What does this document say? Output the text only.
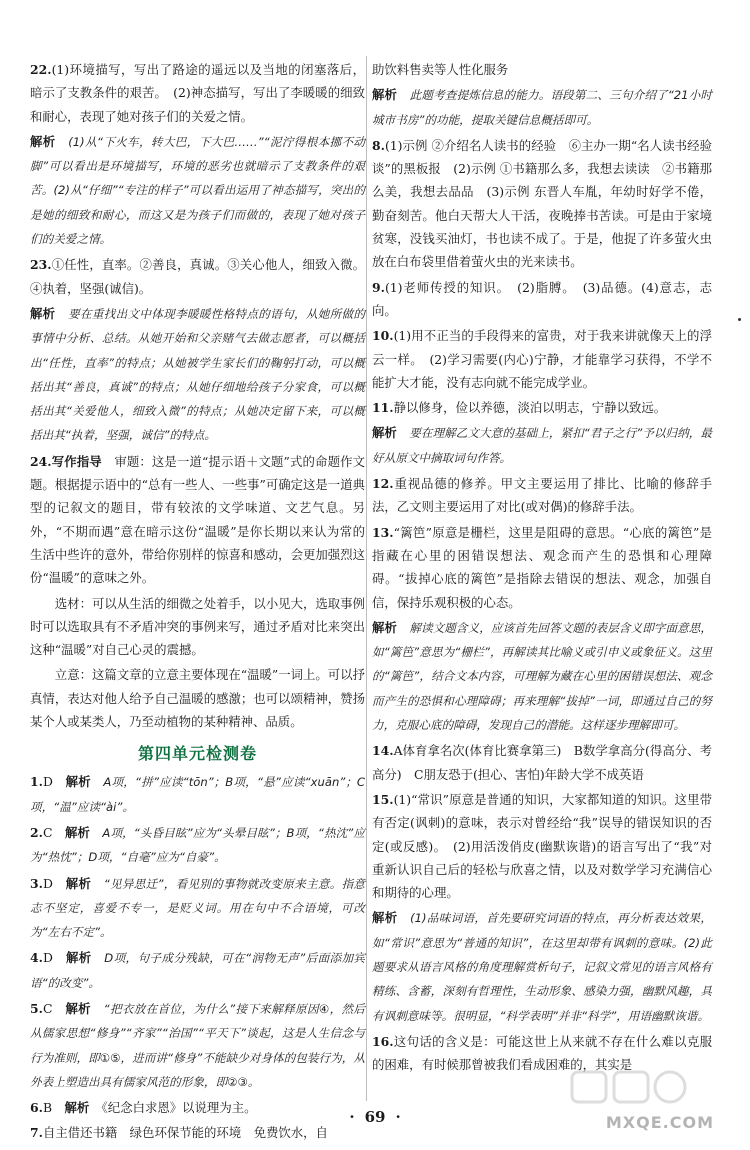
22.(1)环境描写，写出了路途的遥远以及当地的闭塞落后，暗示了支教条件的艰苦。　(2)神态描写，写出了李暖暖的细致和耐心，表现了她对孩子们的关爱之情。

解析　 (1)从“下火车，转大巴，下大巴……”“泥泞得根本挪不动脚”可以看出是环境描写，环境的恶劣也就暗示了支教条件的艰苦。(2)从“仔细”“专注的样子”可以看出运用了神态描写，突出的是她的细致和耐心，而这又是为孩子们而做的，表现了她对孩子们的关爱之情。

23.①任性，直率。②善良，真诚。③关心他人，细致入微。④执着，坚强(诚信)。

解析　 要在重找出文中体现李暖暖性格特点的语句，从她所做的事情中分析、总结。从她开始和父亲赌气去做志愿者，可以概括出“任性，直率”的特点；从她被学生家长们的鞠躬打动，可以概括出其“善良，真诚”的特点；从她仔细地给孩子分家食，可以概括出其“关爱他人，细致入微”的特点；从她决定留下来，可以概括出其“执着，坚强，诚信”的特点。

24.写作指导　 审题：这是一道“提示语＋文题”式的命题作文题。根据提示语中的“总有一些人、一些事”可确定这是一道典型的记叙文的题目，带有较浓的文学味道、文艺气息。另外，“不期而遇”意在暗示这份“温暖”是你长期以来认为常的生活中些许的意外，带给你别样的惊喜和感动，会更加强烈这份“温暖”的意味之外。

选材：可以从生活的细微之处着手，以小见大，选取事例时可以选取具有不矛盾冲突的事例来写，通过矛盾对比来突出这种“温暖”对自己心灵的震撼。

立意：这篇文章的立意主要体现在“温暖”一词上。可以抒真情，表达对他人给予自己温暖的感激；也可以颂精神，赞扬某个人或某类人，乃至动植物的某种精神、品质。

第四单元检测卷

1.D　 解析　 A项，“拼”应读“tōn”；B项，“悬”应读“xuān”；C项，“温”应读“ài”。

2.C　 解析　 A项，“头昏目眩”应为“头晕目眩”；B项，“热沈”应为“热忱”；D项，“自毫”应为“自豪”。

3.D　 解析　 “见异思迁”，看见别的事物就改变原来主意。指意志不坚定，喜爱不专一，是贬义词。用在句中不合语境，可改为“左右不定”。

4.D　 解析　 D项，句子成分残缺，可在“润物无声”后面添加宾语“的改变”。

5.C　 解析　 “把衣放在首位，为什么”接下来解释原因④，然后从儒家思想“修身”“齐家”“治国”“平天下”谈起，这是人生信念与行为准则，即①⑤，进而讲“修身”不能缺少对身体的包装行为，从外表上塑造出具有儒家风范的形象，即②③。

6.B　 解析　 《纪念白求恩》以说理为主。

7.自主借还书籍　绿色环保节能的环境　免费饮水，自

助饮料售卖等人性化服务

解析　 此题考查提炼信息的能力。语段第二、三句介绍了“21小时城市书房”的功能，提取关键信息概括即可。

8.(1)示例 ②介绍名人读书的经验　⑥主办一期“名人读书经验谈”的黑板报　(2)示例 ①书籍那么多，我想去读读　②书籍那么美，我想去品品　(3)示例 东晋人车胤，年幼时好学不倦，勤奋刻苦。他白天帮大人干活，夜晚捧书苦读。可是由于家境贫寒，没钱买油灯，书也读不成了。于是，他捉了许多萤火虫放在白布袋里借着萤火虫的光来读书。

9.(1)老师传授的知识。　(2)脂膊。　(3)品德。(4)意志，志向。

10.(1)用不正当的手段得来的富贵，对于我来讲就像天上的浮云一样。　(2)学习需要(内心)宁静，才能靠学习获得，不学不能扩大才能，没有志向就不能完成学业。

11.静以修身，俭以养德，淡泊以明志，宁静以致远。

解析　 要在理解乙文大意的基础上，紧扣“君子之行”予以归纳，最好从原文中摘取词句作答。

12.重视品德的修养。甲文主要运用了排比、比喻的修辞手法，乙文则主要运用了对比(或对偶)的修辞手法。

13.“篱笆”原意是栅栏，这里是阻碍的意思。“心底的篱笆”是指藏在心里的困错误想法、观念而产生的恐惧和心理障碍。“拔掉心底的篱笆”是指除去错误的想法、观念，加强自信，保持乐观积极的心态。

解析　 解读文题含义，应该首先回答文题的表层含义即字面意思，如“篱笆”意思为“栅栏”，再解读其比喻义或引申义或象征义。这里的“篱笆”，结合文本内容，可理解为藏在心里的困错误想法、观念而产生的恐惧和心理障碍；再来理解“拔掉”一词，即通过自己的努力，克服心底的障碍，发现自己的潜能。这样逐步理解即可。

14.A体育拿名次(体育比赛拿第三)　B数学拿高分(得高分、考高分)　C朋友恐于(担心、害怕)年龄大学不成英语

15.(1)“常识”原意是普通的知识，大家都知道的知识。这里带有否定(讽刺)的意味，表示对曾经给“我”误导的错误知识的否定(或反感)。　(2)用活泼俏皮(幽默诙谐)的语言写出了“我”对重新认识自己后的轻松与欣喜之情，以及对数学学习充满信心和期待的心理。

解析　 (1)品味词语，首先要研究词语的特点，再分析表达效果，如“常识”意思为“普通的知识”，在这里却带有讽刺的意味。(2)此题要求从语言风格的角度理解赏析句子，记叙文常见的语言风格有精练、含蓄，深刻有哲理性，生动形象、感染力强，幽默风趣，具有讽刺意味等。很明显，“科学表明”并非“科学”，用语幽默诙谐。

16.这句话的含义是：可能这世上从来就不存在什么难以克服的困难，有时候那曾被我们看成困难的，其实是

· 69 ·	MXQE.COM
